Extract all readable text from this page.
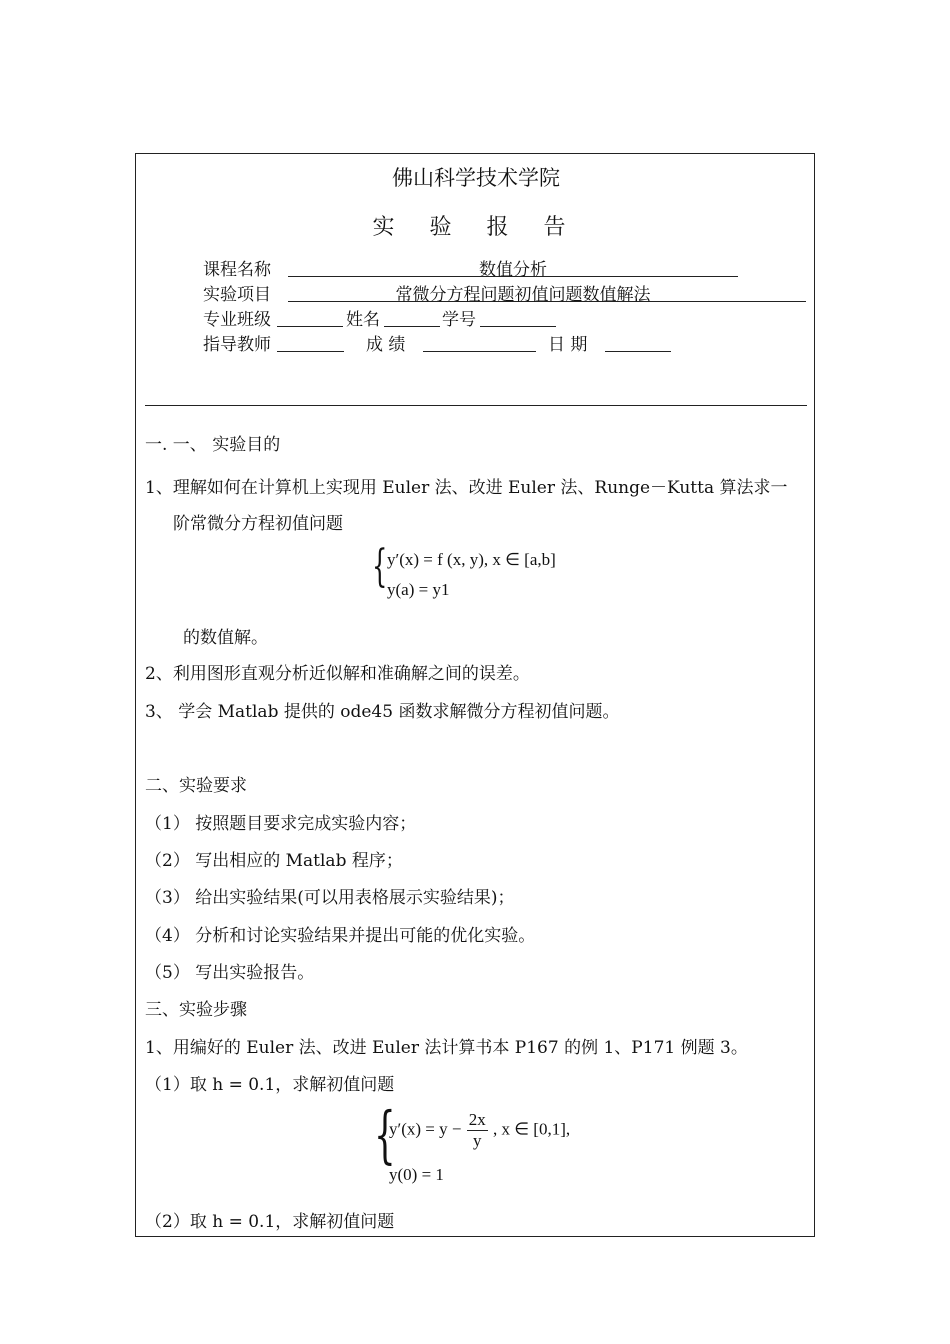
佛山科学技术学院
实 验 报 告
课程名称	数值分析
实验项目	常微分方程问题初值问题数值解法
专业班级	姓名	学号
指导教师	成 绩	日 期
一. 一、 实验目的
1、理解如何在计算机上实现用 Euler 法、改进 Euler 法、Runge－Kutta 算法求一
阶常微分方程初值问题
{ y′(x) = f (x, y), x ∈ [a,b]
y(a) = y1
的数值解。
2、利用图形直观分析近似解和准确解之间的误差。
3、 学会 Matlab 提供的 ode45 函数求解微分方程初值问题。
二、实验要求
（1） 按照题目要求完成实验内容；
（2） 写出相应的 Matlab 程序；
（3） 给出实验结果(可以用表格展示实验结果)；
（4） 分析和讨论实验结果并提出可能的优化实验。
（5） 写出实验报告。
三、实验步骤
1、用编好的 Euler 法、改进 Euler 法计算书本 P167 的例 1、P171 例题 3。
（1）取 h = 0.1，求解初值问题
{
$y'(x) = y - \frac{2x}{y}$ , x ∈ [0,1],
y(0) = 1
（2）取 h = 0.1，求解初值问题
